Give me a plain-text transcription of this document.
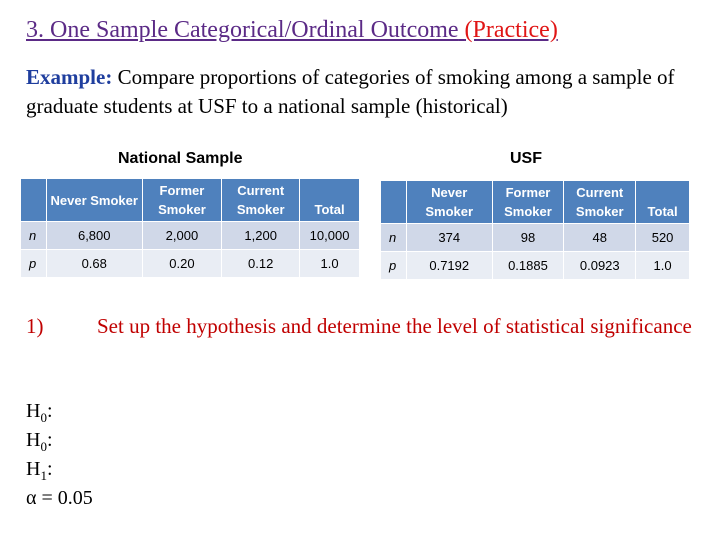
3. One Sample Categorical/Ordinal Outcome (Practice)
Example: Compare proportions of categories of smoking among a sample of graduate students at USF to a national sample (historical)
National Sample
	Never Smoker	Former Smoker	Current Smoker	Total
n	6,800	2,000	1,200	10,000
p	0.68	0.20	0.12	1.0
USF
	Never Smoker	Former Smoker	Current Smoker	Total
n	374	98	48	520
p	0.7192	0.1885	0.0923	1.0
1)	Set up the hypothesis and determine the level of statistical significance
$H_0$:
$H_0$:
$H_1$:
α = 0.05
